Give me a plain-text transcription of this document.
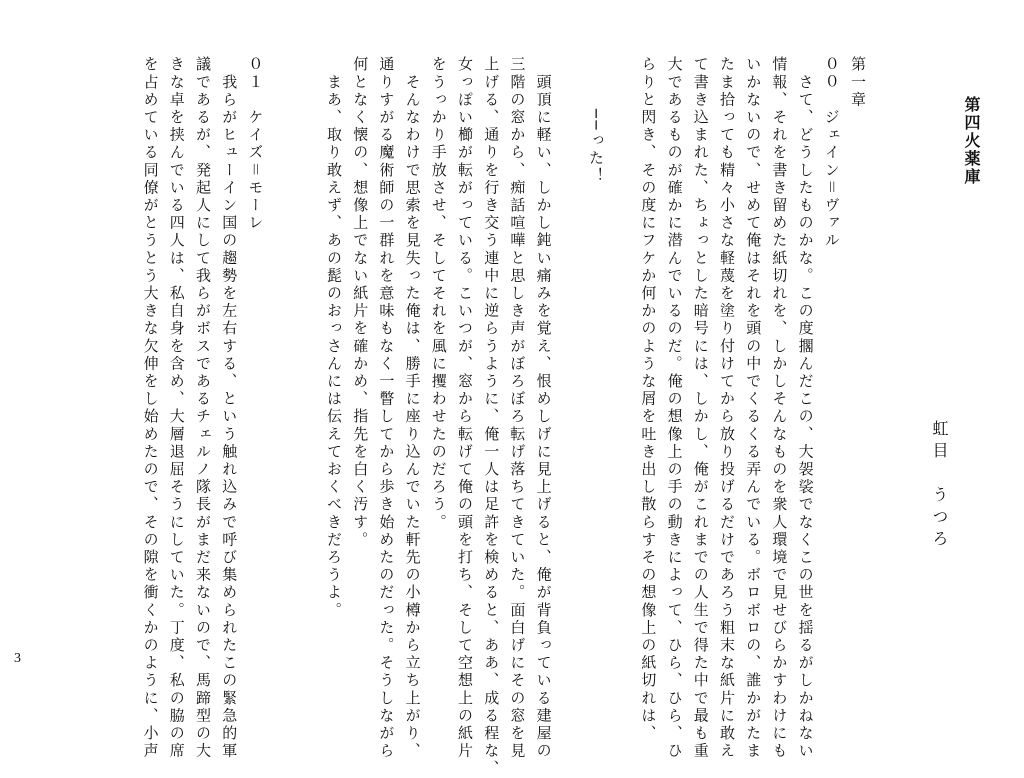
第四火薬庫
虹目　うつろ
第一章
００　ジェイン＝ヴァル
　さて、どうしたものかな。この度擱んだこの、大袈裟でなくこの世を揺るがしかねない
情報、それを書き留めた紙切れを、しかしそんなものを衆人環境で見せびらかすわけにも
いかないので、せめて俺はそれを頭の中でくるくる弄んでいる。ボロボロの、誰かがたま
たま拾っても精々小さな軽蔑を塗り付けてから放り投げるだけであろう粗末な紙片に敢え
て書き込まれた、ちょっとした暗号には、しかし、俺がこれまでの人生で得た中で最も重
大であるものが確かに潜んでいるのだ。俺の想像上の手の動きによって、ひら、ひら、ひ
らりと閃き、その度にフケか何かのような屑を吐き出し散らすその想像上の紙切れは、
　　　──った！
　頭頂に軽い、しかし鈍い痛みを覚え、恨めしげに見上げると、俺が背負っている建屋の
三階の窓から、痴話喧嘩と思しき声がぼろぼろ転げ落ちてきていた。面白げにその窓を見
上げる、通りを行き交う連中に逆らうように、俺一人は足許を検めると、ああ、成る程な、
女っぽい櫛が転がっている。こいつが、窓から転げて俺の頭を打ち、そして空想上の紙片
をうっかり手放させ、そしてそれを風に攫わせたのだろう。
　そんなわけで思索を見失った俺は、勝手に座り込んでいた軒先の小樽から立ち上がり、
通りすがる魔術師の一群れを意味もなく一瞥してから歩き始めたのだった。そうしながら
何となく懐の、想像上でない紙片を確かめ、指先を白く汚す。
　まあ、取り敢えず、あの髭のおっさんには伝えておくべきだろうよ。
０１　ケイズ＝モーレ
　我らがヒューイン国の趨勢を左右する、という触れ込みで呼び集められたこの緊急的軍
議であるが、発起人にして我らがボスであるチェルノ隊長がまだ来ないので、馬蹄型の大
きな卓を挟んでいる四人は、私自身を含め、大層退屈そうにしていた。丁度、私の脇の席
を占めている同僚がとうとう大きな欠伸をし始めたので、その隙を衝くかのように、小声
3
